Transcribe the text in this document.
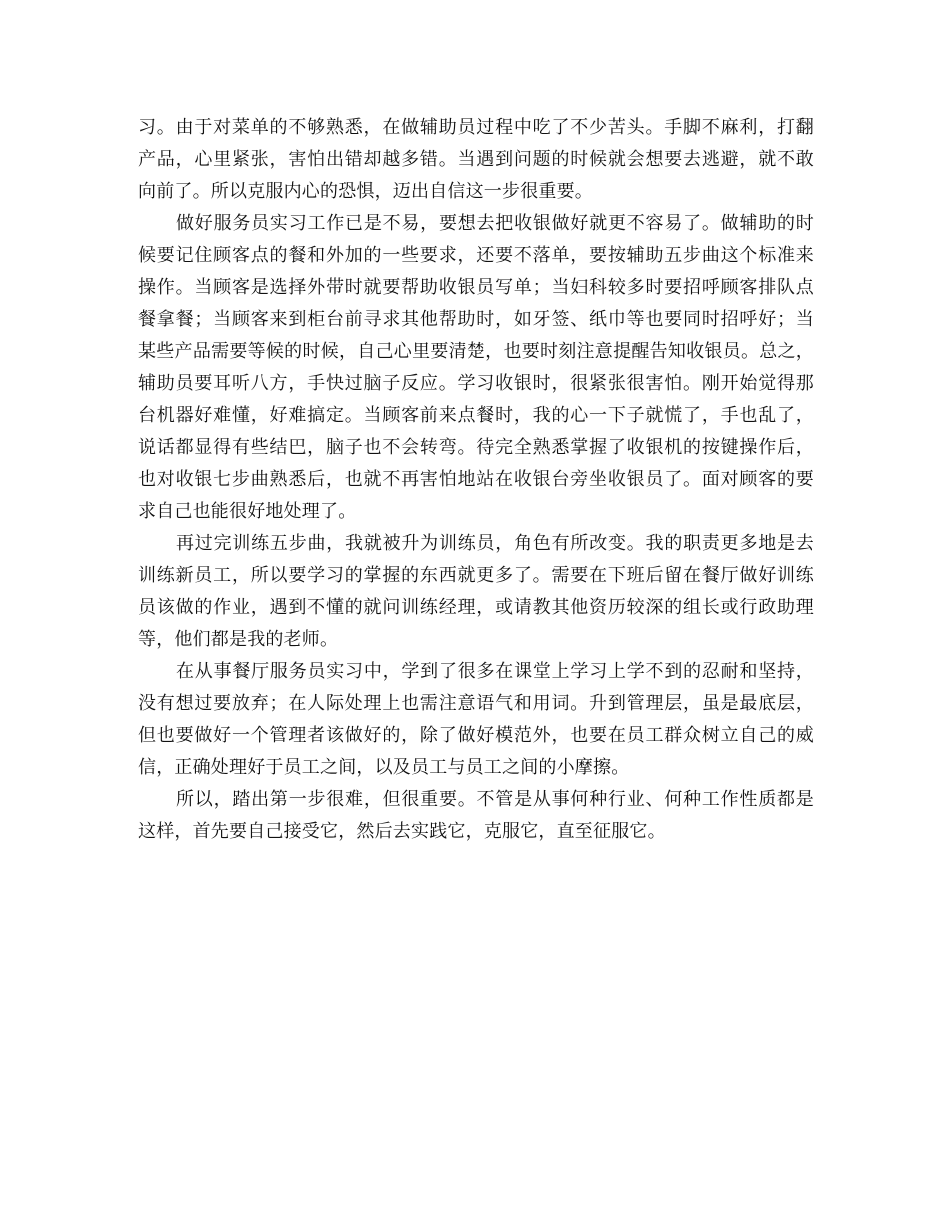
习。由于对菜单的不够熟悉，在做辅助员过程中吃了不少苦头。手脚不麻利，打翻
产品，心里紧张，害怕出错却越多错。当遇到问题的时候就会想要去逃避，就不敢
向前了。所以克服内心的恐惧，迈出自信这一步很重要。
做好服务员实习工作已是不易，要想去把收银做好就更不容易了。做辅助的时
候要记住顾客点的餐和外加的一些要求，还要不落单，要按辅助五步曲这个标准来
操作。当顾客是选择外带时就要帮助收银员写单；当妇科较多时要招呼顾客排队点
餐拿餐；当顾客来到柜台前寻求其他帮助时，如牙签、纸巾等也要同时招呼好；当
某些产品需要等候的时候，自己心里要清楚，也要时刻注意提醒告知收银员。总之，
辅助员要耳听八方，手快过脑子反应。学习收银时，很紧张很害怕。刚开始觉得那
台机器好难懂，好难搞定。当顾客前来点餐时，我的心一下子就慌了，手也乱了，
说话都显得有些结巴，脑子也不会转弯。待完全熟悉掌握了收银机的按键操作后，
也对收银七步曲熟悉后，也就不再害怕地站在收银台旁坐收银员了。面对顾客的要
求自己也能很好地处理了。
再过完训练五步曲，我就被升为训练员，角色有所改变。我的职责更多地是去
训练新员工，所以要学习的掌握的东西就更多了。需要在下班后留在餐厅做好训练
员该做的作业，遇到不懂的就问训练经理，或请教其他资历较深的组长或行政助理
等，他们都是我的老师。
在从事餐厅服务员实习中，学到了很多在课堂上学习上学不到的忍耐和坚持，
没有想过要放弃；在人际处理上也需注意语气和用词。升到管理层，虽是最底层，
但也要做好一个管理者该做好的，除了做好模范外，也要在员工群众树立自己的威
信，正确处理好于员工之间，以及员工与员工之间的小摩擦。
所以，踏出第一步很难，但很重要。不管是从事何种行业、何种工作性质都是
这样，首先要自己接受它，然后去实践它，克服它，直至征服它。
